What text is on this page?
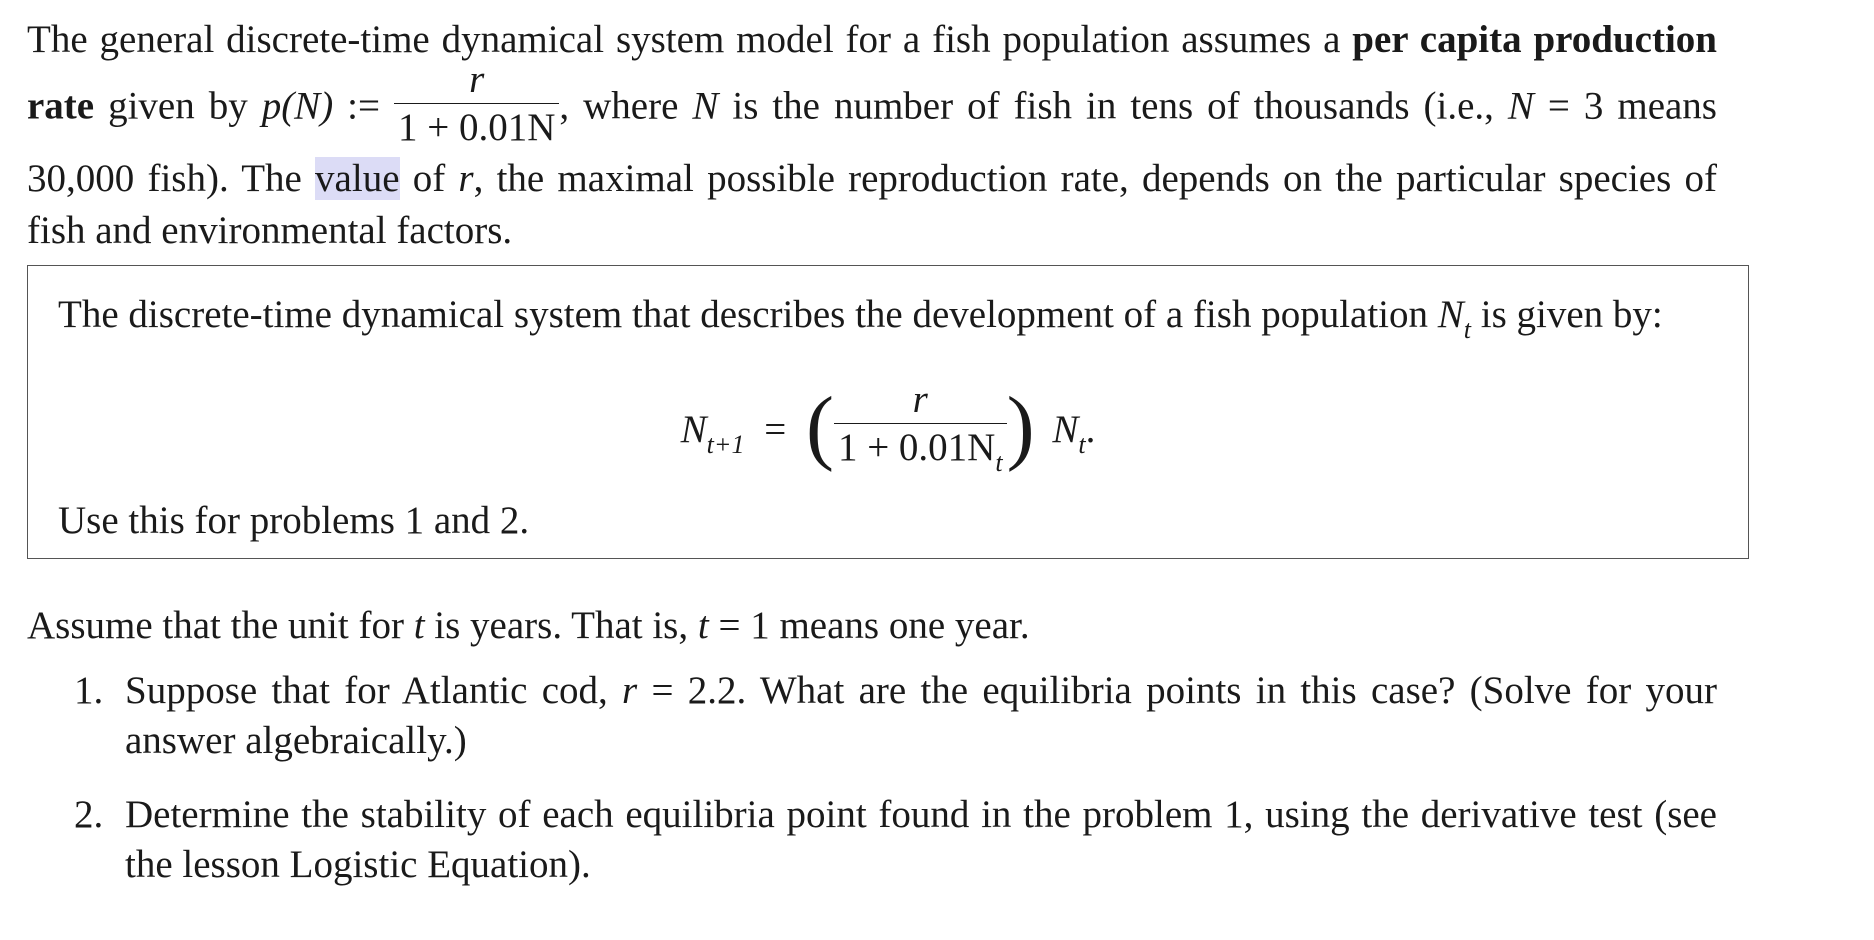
The general discrete-time dynamical system model for a fish population assumes a per capita production rate given by p(N) := $\frac{r}{1 + 0.01N}$ , where N is the number of fish in tens of thousands (i.e., N = 3 means 30,000 fish). The value of r, the maximal possible reproduction rate, depends on the particular species of fish and environmental factors.
The discrete-time dynamical system that describes the development of a fish population $N_t$ is given by:
$N_{t+1}$ = ( $\frac{r}{1 + 0.01N_t}$ ) $N_t$.
Use this for problems 1 and 2.
Assume that the unit for t is years. That is, t = 1 means one year.
1. Suppose that for Atlantic cod, r = 2.2. What are the equilibria points in this case? (Solve for your answer algebraically.)
2. Determine the stability of each equilibria point found in the problem 1, using the derivative test (see the lesson Logistic Equation).
